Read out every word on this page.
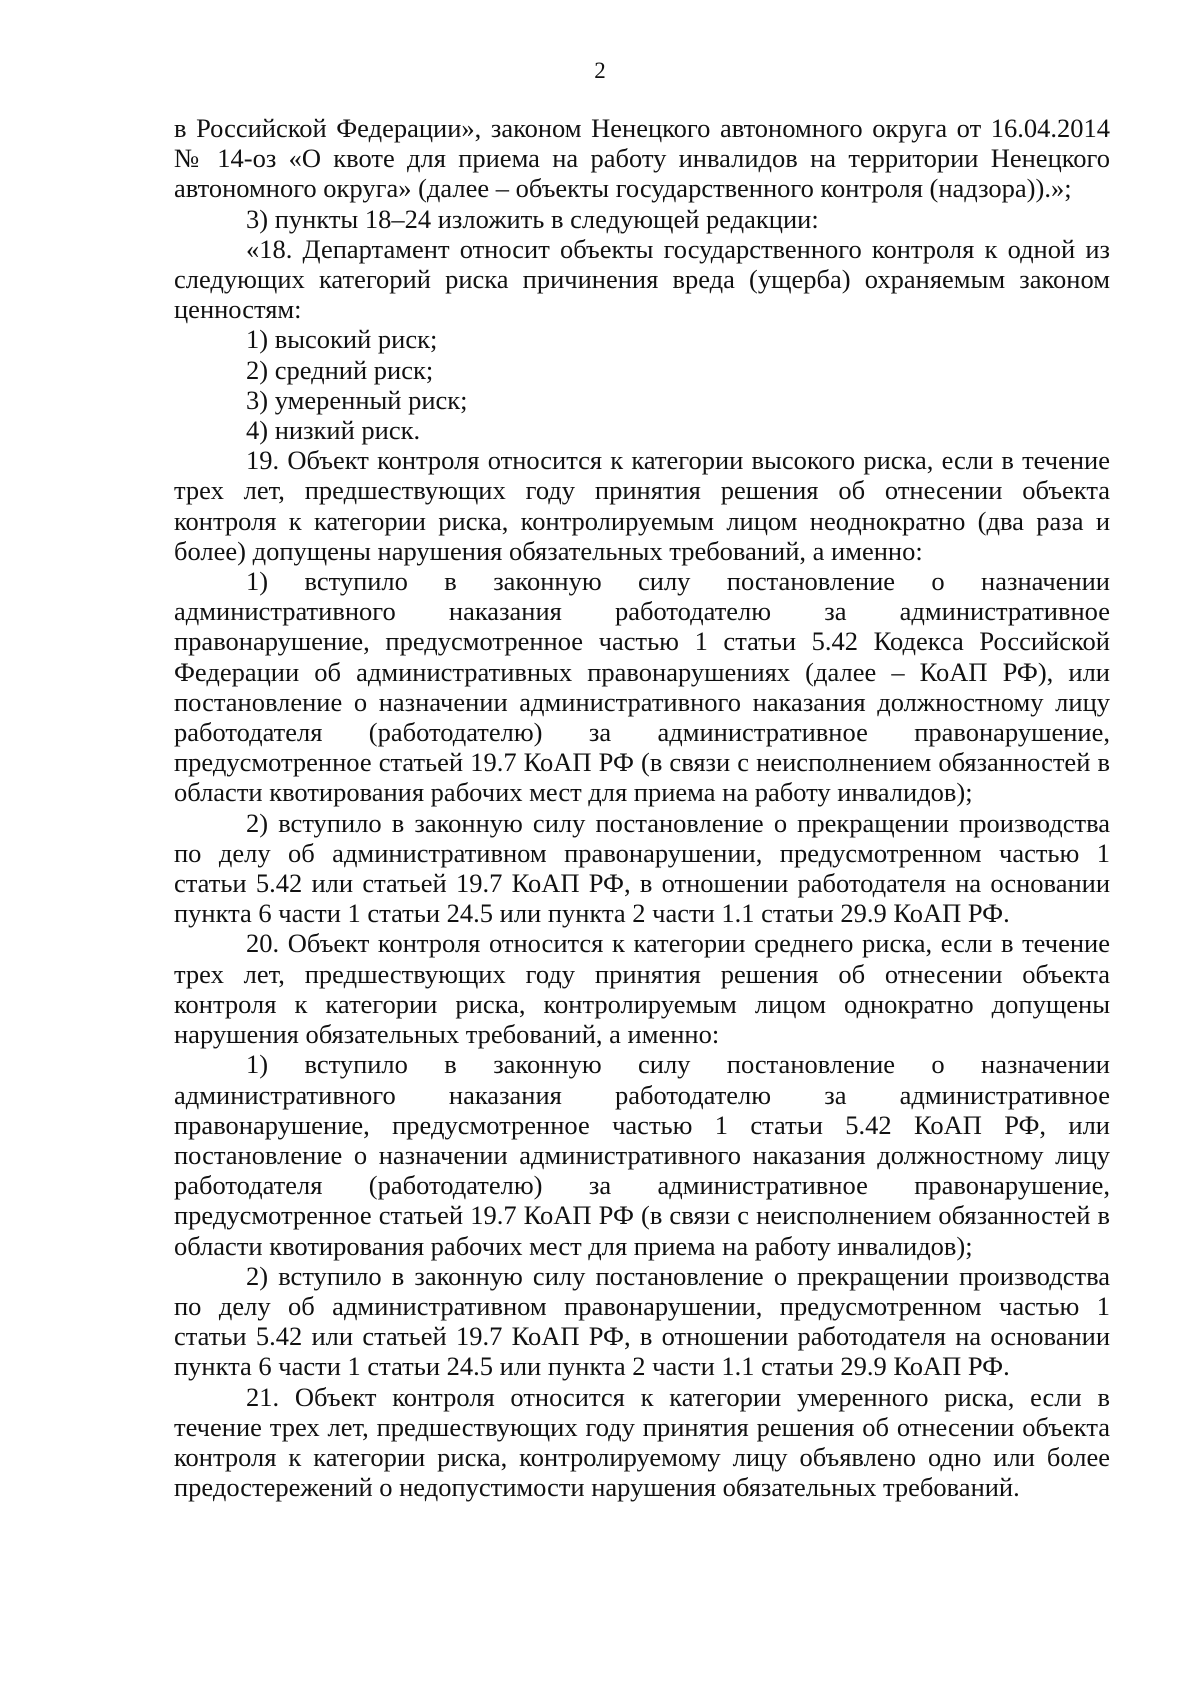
2

в Российской Федерации», законом Ненецкого автономного округа от 16.04.2014 № 14-оз «О квоте для приема на работу инвалидов на территории Ненецкого автономного округа» (далее – объекты государственного контроля (надзора)).»;

3) пункты 18–24 изложить в следующей редакции:

«18. Департамент относит объекты государственного контроля к одной из следующих категорий риска причинения вреда (ущерба) охраняемым законом ценностям:

1) высокий риск;

2) средний риск;

3) умеренный риск;

4) низкий риск.

19. Объект контроля относится к категории высокого риска, если в течение трех лет, предшествующих году принятия решения об отнесении объекта контроля к категории риска, контролируемым лицом неоднократно (два раза и более) допущены нарушения обязательных требований, а именно:

1) вступило в законную силу постановление о назначении административного наказания работодателю за административное правонарушение, предусмотренное частью 1 статьи 5.42 Кодекса Российской Федерации об административных правонарушениях (далее – КоАП РФ), или постановление о назначении административного наказания должностному лицу работодателя (работодателю) за административное правонарушение, предусмотренное статьей 19.7 КоАП РФ (в связи с неисполнением обязанностей в области квотирования рабочих мест для приема на работу инвалидов);

2) вступило в законную силу постановление о прекращении производства по делу об административном правонарушении, предусмотренном частью 1 статьи 5.42 или статьей 19.7 КоАП РФ, в отношении работодателя на основании пункта 6 части 1 статьи 24.5 или пункта 2 части 1.1 статьи 29.9 КоАП РФ.

20. Объект контроля относится к категории среднего риска, если в течение трех лет, предшествующих году принятия решения об отнесении объекта контроля к категории риска, контролируемым лицом однократно допущены нарушения обязательных требований, а именно:

1) вступило в законную силу постановление о назначении административного наказания работодателю за административное правонарушение, предусмотренное частью 1 статьи 5.42 КоАП РФ, или постановление о назначении административного наказания должностному лицу работодателя (работодателю) за административное правонарушение, предусмотренное статьей 19.7 КоАП РФ (в связи с неисполнением обязанностей в области квотирования рабочих мест для приема на работу инвалидов);

2) вступило в законную силу постановление о прекращении производства по делу об административном правонарушении, предусмотренном частью 1 статьи 5.42 или статьей 19.7 КоАП РФ, в отношении работодателя на основании пункта 6 части 1 статьи 24.5 или пункта 2 части 1.1 статьи 29.9 КоАП РФ.

21. Объект контроля относится к категории умеренного риска, если в течение трех лет, предшествующих году принятия решения об отнесении объекта контроля к категории риска, контролируемому лицу объявлено одно или более предостережений о недопустимости нарушения обязательных требований.
